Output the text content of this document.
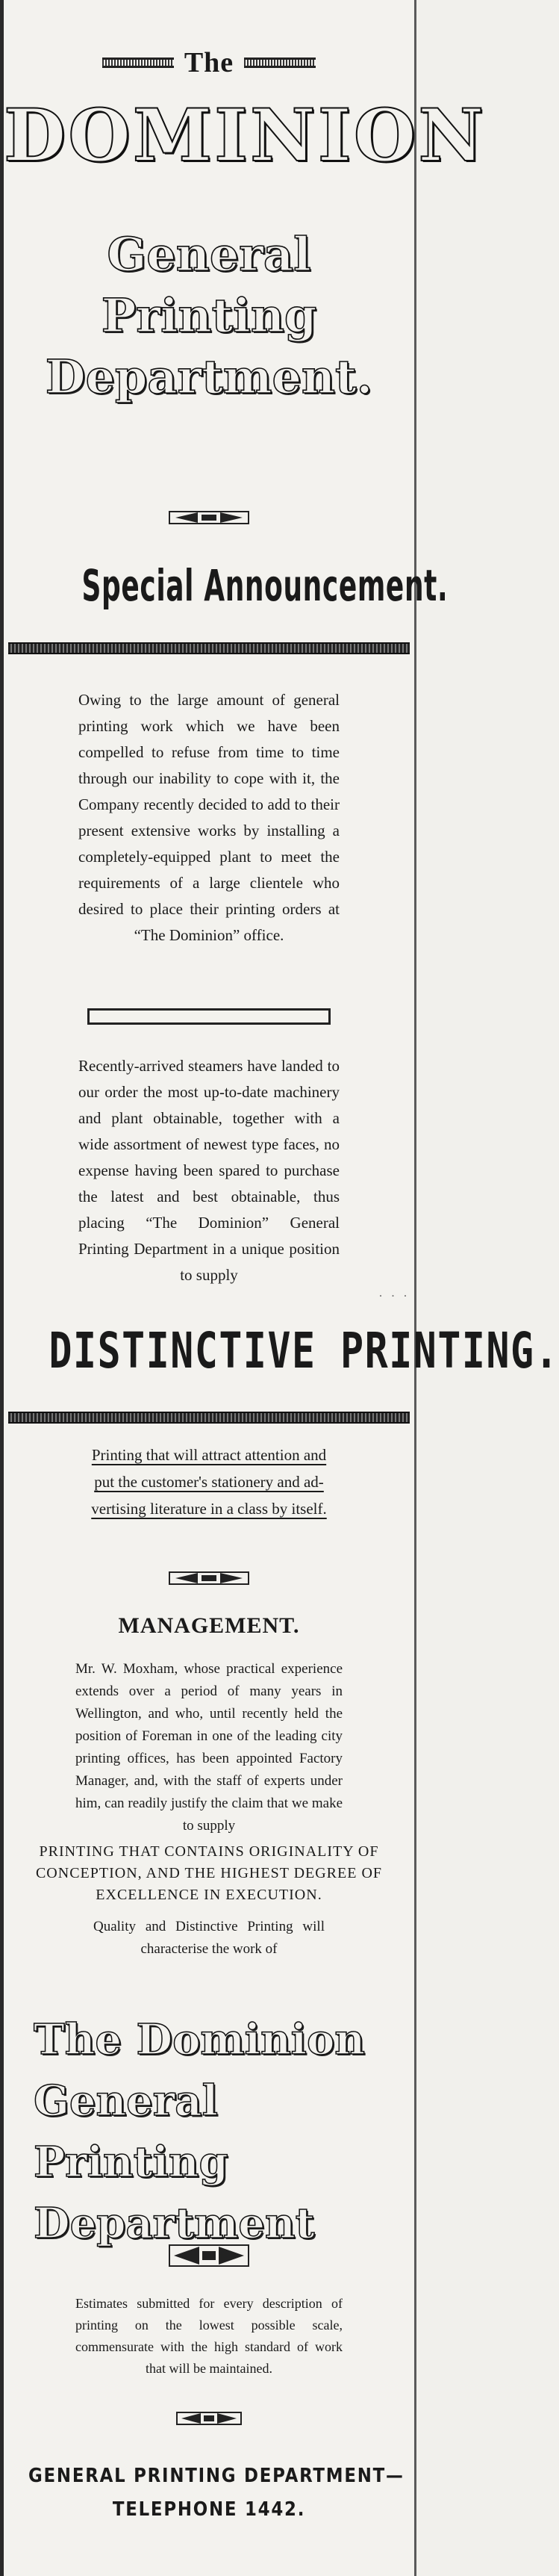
The
DOMINION
General
Printing
Department.
Special Announcement.
Owing to the large amount of general printing work which we have been compelled to refuse from time to time through our inability to cope with it, the Company recently decided to add to their present extensive works by installing a completely-equipped plant to meet the requirements of a large clientele who desired to place their printing orders at “The Dominion” office.
Recently-arrived steamers have landed to our order the most up-to-date machinery and plant obtainable, together with a wide assortment of newest type faces, no expense having been spared to purchase the latest and best obtainable, thus placing “The Dominion” General Printing Department in a unique position to supply
· · ·
DISTINCTIVE PRINTING.
Printing that will attract attention and
put the customer's stationery and ad-
vertising literature in a class by itself.
MANAGEMENT.
Mr. W. Moxham, whose practical experience extends over a period of many years in Wellington, and who, until recently held the position of Foreman in one of the leading city printing offices, has been appointed Factory Manager, and, with the staff of experts under him, can readily justify the claim that we make to supply
PRINTING THAT CONTAINS ORIGINALITY OF
CONCEPTION, AND THE HIGHEST DEGREE OF
EXCELLENCE IN EXECUTION.
Quality and Distinctive Printing will characterise the work of
The Dominion
General Printing
Department
Estimates submitted for every description of printing on the lowest possible scale, commensurate with the high standard of work that will be maintained.
GENERAL PRINTING DEPARTMENT—
TELEPHONE 1442.
